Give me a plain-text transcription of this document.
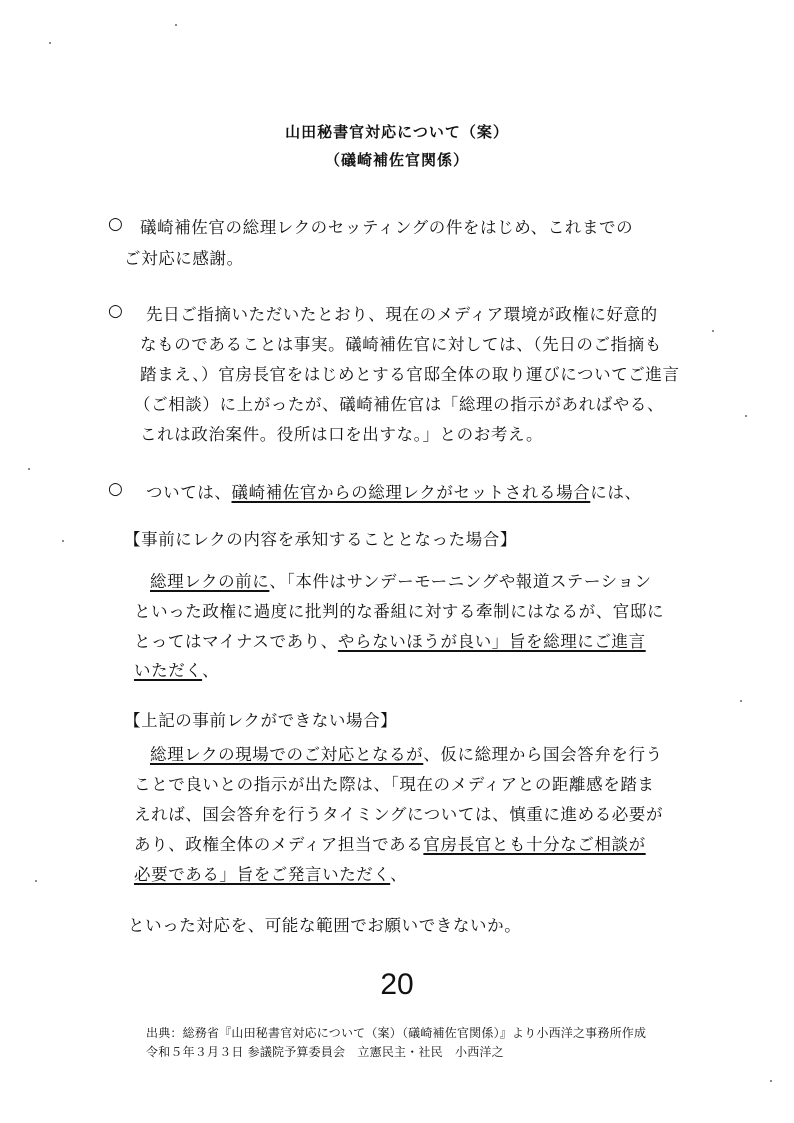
山田秘書官対応について（案）
（礒崎補佐官関係）
○ 礒崎補佐官の総理レクのセッティングの件をはじめ、これまでの
ご対応に感謝。
○ 先日ご指摘いただいたとおり、現在のメディア環境が政権に好意的
なものであることは事実。礒崎補佐官に対しては、（先日のご指摘も
踏まえ、）官房長官をはじめとする官邸全体の取り運びについてご進言
（ご相談）に上がったが、礒崎補佐官は「総理の指示があればやる、
これは政治案件。役所は口を出すな。」とのお考え。
○ ついては、礒崎補佐官からの総理レクがセットされる場合には、
【事前にレクの内容を承知することとなった場合】
総理レクの前に、「本件はサンデーモーニングや報道ステーション
といった政権に過度に批判的な番組に対する牽制にはなるが、官邸に
とってはマイナスであり、やらないほうが良い」旨を総理にご進言
いただく、
【上記の事前レクができない場合】
総理レクの現場でのご対応となるが、仮に総理から国会答弁を行う
ことで良いとの指示が出た際は、「現在のメディアとの距離感を踏ま
えれば、国会答弁を行うタイミングについては、慎重に進める必要が
あり、政権全体のメディア担当である官房長官とも十分なご相談が
必要である」旨をご発言いただく、
といった対応を、可能な範囲でお願いできないか。
20
出典：総務省『山田秘書官対応について（案）（礒崎補佐官関係）』より小西洋之事務所作成
令和５年３月３日 参議院予算委員会　立憲民主・社民　小西洋之
